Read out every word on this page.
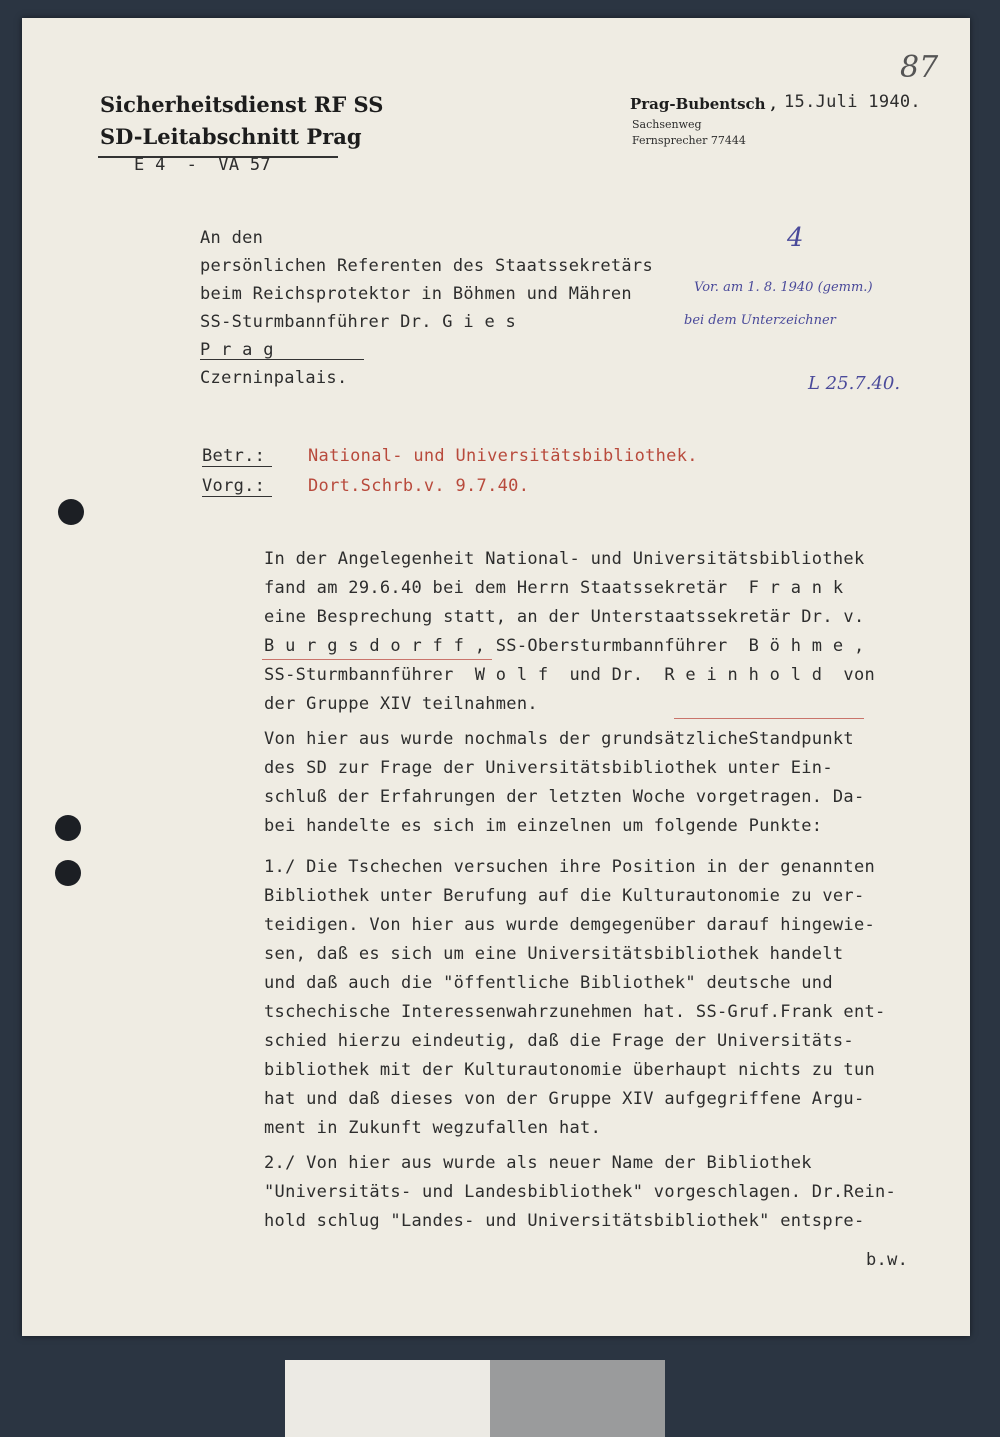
87
Sicherheitsdienst RF SS
SD-Leitabschnitt Prag
E 4  -  VA 57
Prag-Bubentsch , 15.Juli 1940.
Sachsenweg
Fernsprecher 77444
An den
persönlichen Referenten des Staatssekretärs
beim Reichsprotektor in Böhmen und Mähren
SS-Sturmbannführer Dr. G i e s
P r a g
Czerninpalais.
4
Vor. am 1. 8. 1940 (gemm.)
bei dem Unterzeichner
L 25.7.40.
Betr.:	National- und Universitätsbibliothek.
Vorg.:	Dort.Schrb.v. 9.7.40.
In der Angelegenheit National- und Universitätsbibliothek
fand am 29.6.40 bei dem Herrn Staatssekretär  F r a n k
eine Besprechung statt, an der Unterstaatssekretär Dr. v.
B u r g s d o r f f , SS-Obersturmbannführer  B ö h m e ,
SS-Sturmbannführer  W o l f  und Dr.  R e i n h o l d  von
der Gruppe XIV teilnahmen.
Von hier aus wurde nochmals der grundsätzlicheStandpunkt
des SD zur Frage der Universitätsbibliothek unter Ein-
schluß der Erfahrungen der letzten Woche vorgetragen. Da-
bei handelte es sich im einzelnen um folgende Punkte:
1./ Die Tschechen versuchen ihre Position in der genannten
Bibliothek unter Berufung auf die Kulturautonomie zu ver-
teidigen. Von hier aus wurde demgegenüber darauf hingewie-
sen, daß es sich um eine Universitätsbibliothek handelt
und daß auch die "öffentliche Bibliothek" deutsche und
tschechische Interessenwahrzunehmen hat. SS-Gruf.Frank ent-
schied hierzu eindeutig, daß die Frage der Universitäts-
bibliothek mit der Kulturautonomie überhaupt nichts zu tun
hat und daß dieses von der Gruppe XIV aufgegriffene Argu-
ment in Zukunft wegzufallen hat.
2./ Von hier aus wurde als neuer Name der Bibliothek
"Universitäts- und Landesbibliothek" vorgeschlagen. Dr.Rein-
hold schlug "Landes- und Universitätsbibliothek" entspre-
b.w.
